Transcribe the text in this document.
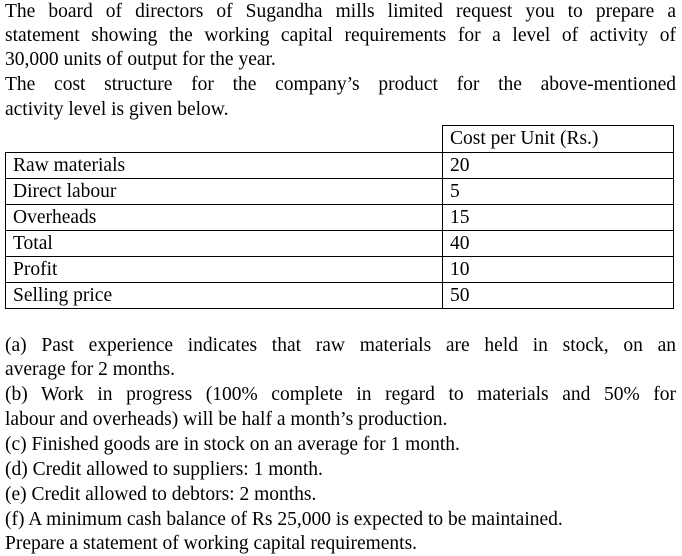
The board of directors of Sugandha mills limited request you to prepare a
statement showing the working capital requirements for a level of activity of
30,000 units of output for the year.
The cost structure for the company’s product for the above-mentioned
activity level is given below.
	Cost per Unit (Rs.)
Raw materials	20
Direct labour	5
Overheads	15
Total	40
Profit	10
Selling price	50
(a) Past experience indicates that raw materials are held in stock, on an
average for 2 months.
(b) Work in progress (100% complete in regard to materials and 50% for
labour and overheads) will be half a month’s production.
(c) Finished goods are in stock on an average for 1 month.
(d) Credit allowed to suppliers: 1 month.
(e) Credit allowed to debtors: 2 months.
(f) A minimum cash balance of Rs 25,000 is expected to be maintained.
Prepare a statement of working capital requirements.
